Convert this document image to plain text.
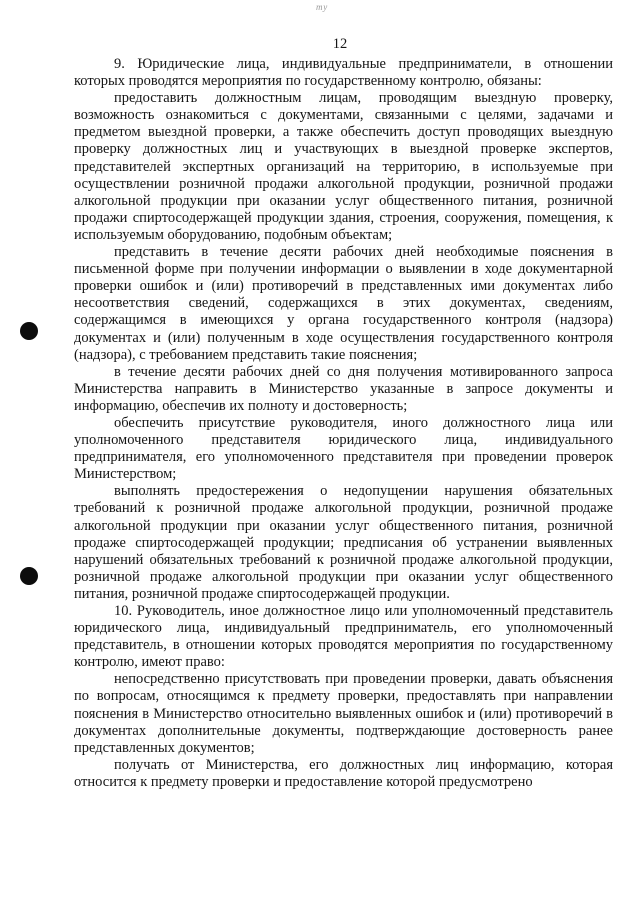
ту
12

9. Юридические лица, индивидуальные предприниматели, в отношении которых проводятся мероприятия по государственному контролю, обязаны:

предоставить должностным лицам, проводящим выездную проверку, возможность ознакомиться с документами, связанными с целями, задачами и предметом выездной проверки, а также обеспечить доступ проводящих выездную проверку должностных лиц и участвующих в выездной проверке экспертов, представителей экспертных организаций на территорию, в используемые при осуществлении розничной продажи алкогольной продукции, розничной продажи алкогольной продукции при оказании услуг общественного питания, розничной продажи спиртосодержащей продукции здания, строения, сооружения, помещения, к используемым оборудованию, подобным объектам;

представить в течение десяти рабочих дней необходимые пояснения в письменной форме при получении информации о выявлении в ходе документарной проверки ошибок и (или) противоречий в представленных ими документах либо несоответствия сведений, содержащихся в этих документах, сведениям, содержащимся в имеющихся у органа государственного контроля (надзора) документах и (или) полученным в ходе осуществления государственного контроля (надзора), с требованием представить такие пояснения;

в течение десяти рабочих дней со дня получения мотивированного запроса Министерства направить в Министерство указанные в запросе документы и информацию, обеспечив их полноту и достоверность;

обеспечить присутствие руководителя, иного должностного лица или уполномоченного представителя юридического лица, индивидуального предпринимателя, его уполномоченного представителя при проведении проверок Министерством;

выполнять предостережения о недопущении нарушения обязательных требований к розничной продаже алкогольной продукции, розничной продаже алкогольной продукции при оказании услуг общественного питания, розничной продаже спиртосодержащей продукции; предписания об устранении выявленных нарушений обязательных требований к розничной продаже алкогольной продукции, розничной продаже алкогольной продукции при оказании услуг общественного питания, розничной продаже спиртосодержащей продукции.

10. Руководитель, иное должностное лицо или уполномоченный представитель юридического лица, индивидуальный предприниматель, его уполномоченный представитель, в отношении которых проводятся мероприятия по государственному контролю, имеют право:

непосредственно присутствовать при проведении проверки, давать объяснения по вопросам, относящимся к предмету проверки, предоставлять при направлении пояснения в Министерство относительно выявленных ошибок и (или) противоречий в документах дополнительные документы, подтверждающие достоверность ранее представленных документов;

получать от Министерства, его должностных лиц информацию, которая относится к предмету проверки и предоставление которой предусмотрено
